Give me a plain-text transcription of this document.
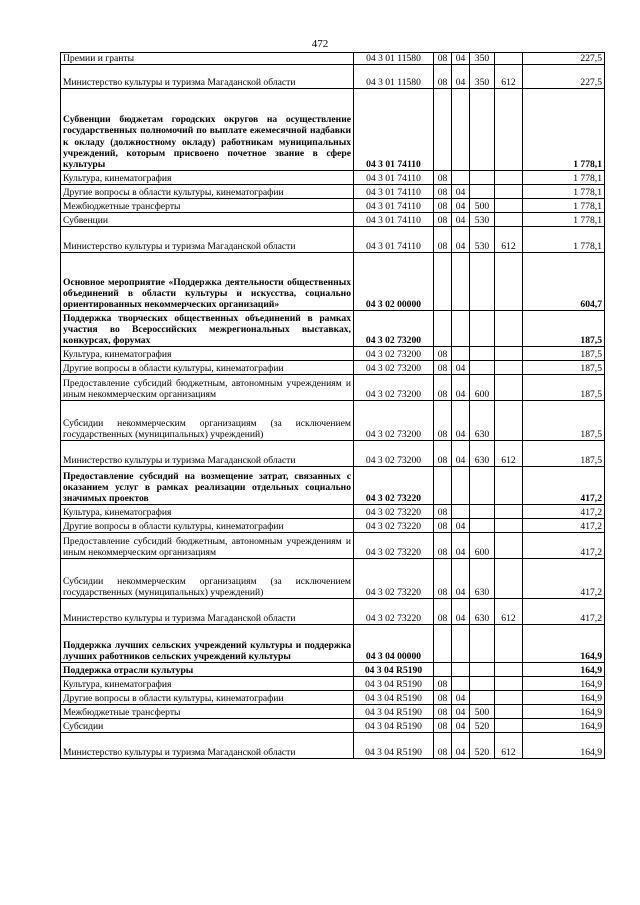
472
Премии и гранты	04 3 01 11580	08	04	350		227,5
Министерство культуры и туризма Магаданской области	04 3 01 11580	08	04	350	612	227,5
Субвенции бюджетам городских округов на осуществление государственных полномочий по выплате ежемесячной надбавки к окладу (должностному окладу) работникам муниципальных учреждений, которым присвоено почетное звание в сфере культуры	04 3 01 74110					1 778,1
Культура, кинематография	04 3 01 74110	08				1 778,1
Другие вопросы в области культуры, кинематографии	04 3 01 74110	08	04			1 778,1
Межбюджетные трансферты	04 3 01 74110	08	04	500		1 778,1
Субвенции	04 3 01 74110	08	04	530		1 778,1
Министерство культуры и туризма Магаданской области	04 3 01 74110	08	04	530	612	1 778,1
Основное мероприятие «Поддержка деятельности общественных объединений в области культуры и искусства, социально ориентированных некоммерческих организаций»	04 3 02 00000					604,7
Поддержка творческих общественных объединений в рамках участия во Всероссийских межрегиональных выставках, конкурсах, форумах	04 3 02 73200					187,5
Культура, кинематография	04 3 02 73200	08				187,5
Другие вопросы в области культуры, кинематографии	04 3 02 73200	08	04			187,5
Предоставление субсидий бюджетным, автономным учреждениям и иным некоммерческим организациям	04 3 02 73200	08	04	600		187,5
Субсидии некоммерческим организациям (за исключением государственных (муниципальных) учреждений)	04 3 02 73200	08	04	630		187,5
Министерство культуры и туризма Магаданской области	04 3 02 73200	08	04	630	612	187,5
Предоставление субсидий на возмещение затрат, связанных с оказанием услуг в рамках реализации отдельных социально значимых проектов	04 3 02 73220					417,2
Культура, кинематография	04 3 02 73220	08				417,2
Другие вопросы в области культуры, кинематографии	04 3 02 73220	08	04			417,2
Предоставление субсидий бюджетным, автономным учреждениям и иным некоммерческим организациям	04 3 02 73220	08	04	600		417,2
Субсидии некоммерческим организациям (за исключением государственных (муниципальных) учреждений)	04 3 02 73220	08	04	630		417,2
Министерство культуры и туризма Магаданской области	04 3 02 73220	08	04	630	612	417,2
Поддержка лучших сельских учреждений культуры и поддержка лучших работников сельских учреждений культуры	04 3 04 00000					164,9
Поддержка отрасли культуры	04 3 04 R5190					164,9
Культура, кинематография	04 3 04 R5190	08				164,9
Другие вопросы в области культуры, кинематографии	04 3 04 R5190	08	04			164,9
Межбюджетные трансферты	04 3 04 R5190	08	04	500		164,9
Субсидии	04 3 04 R5190	08	04	520		164,9
Министерство культуры и туризма Магаданской области	04 3 04 R5190	08	04	520	612	164,9
